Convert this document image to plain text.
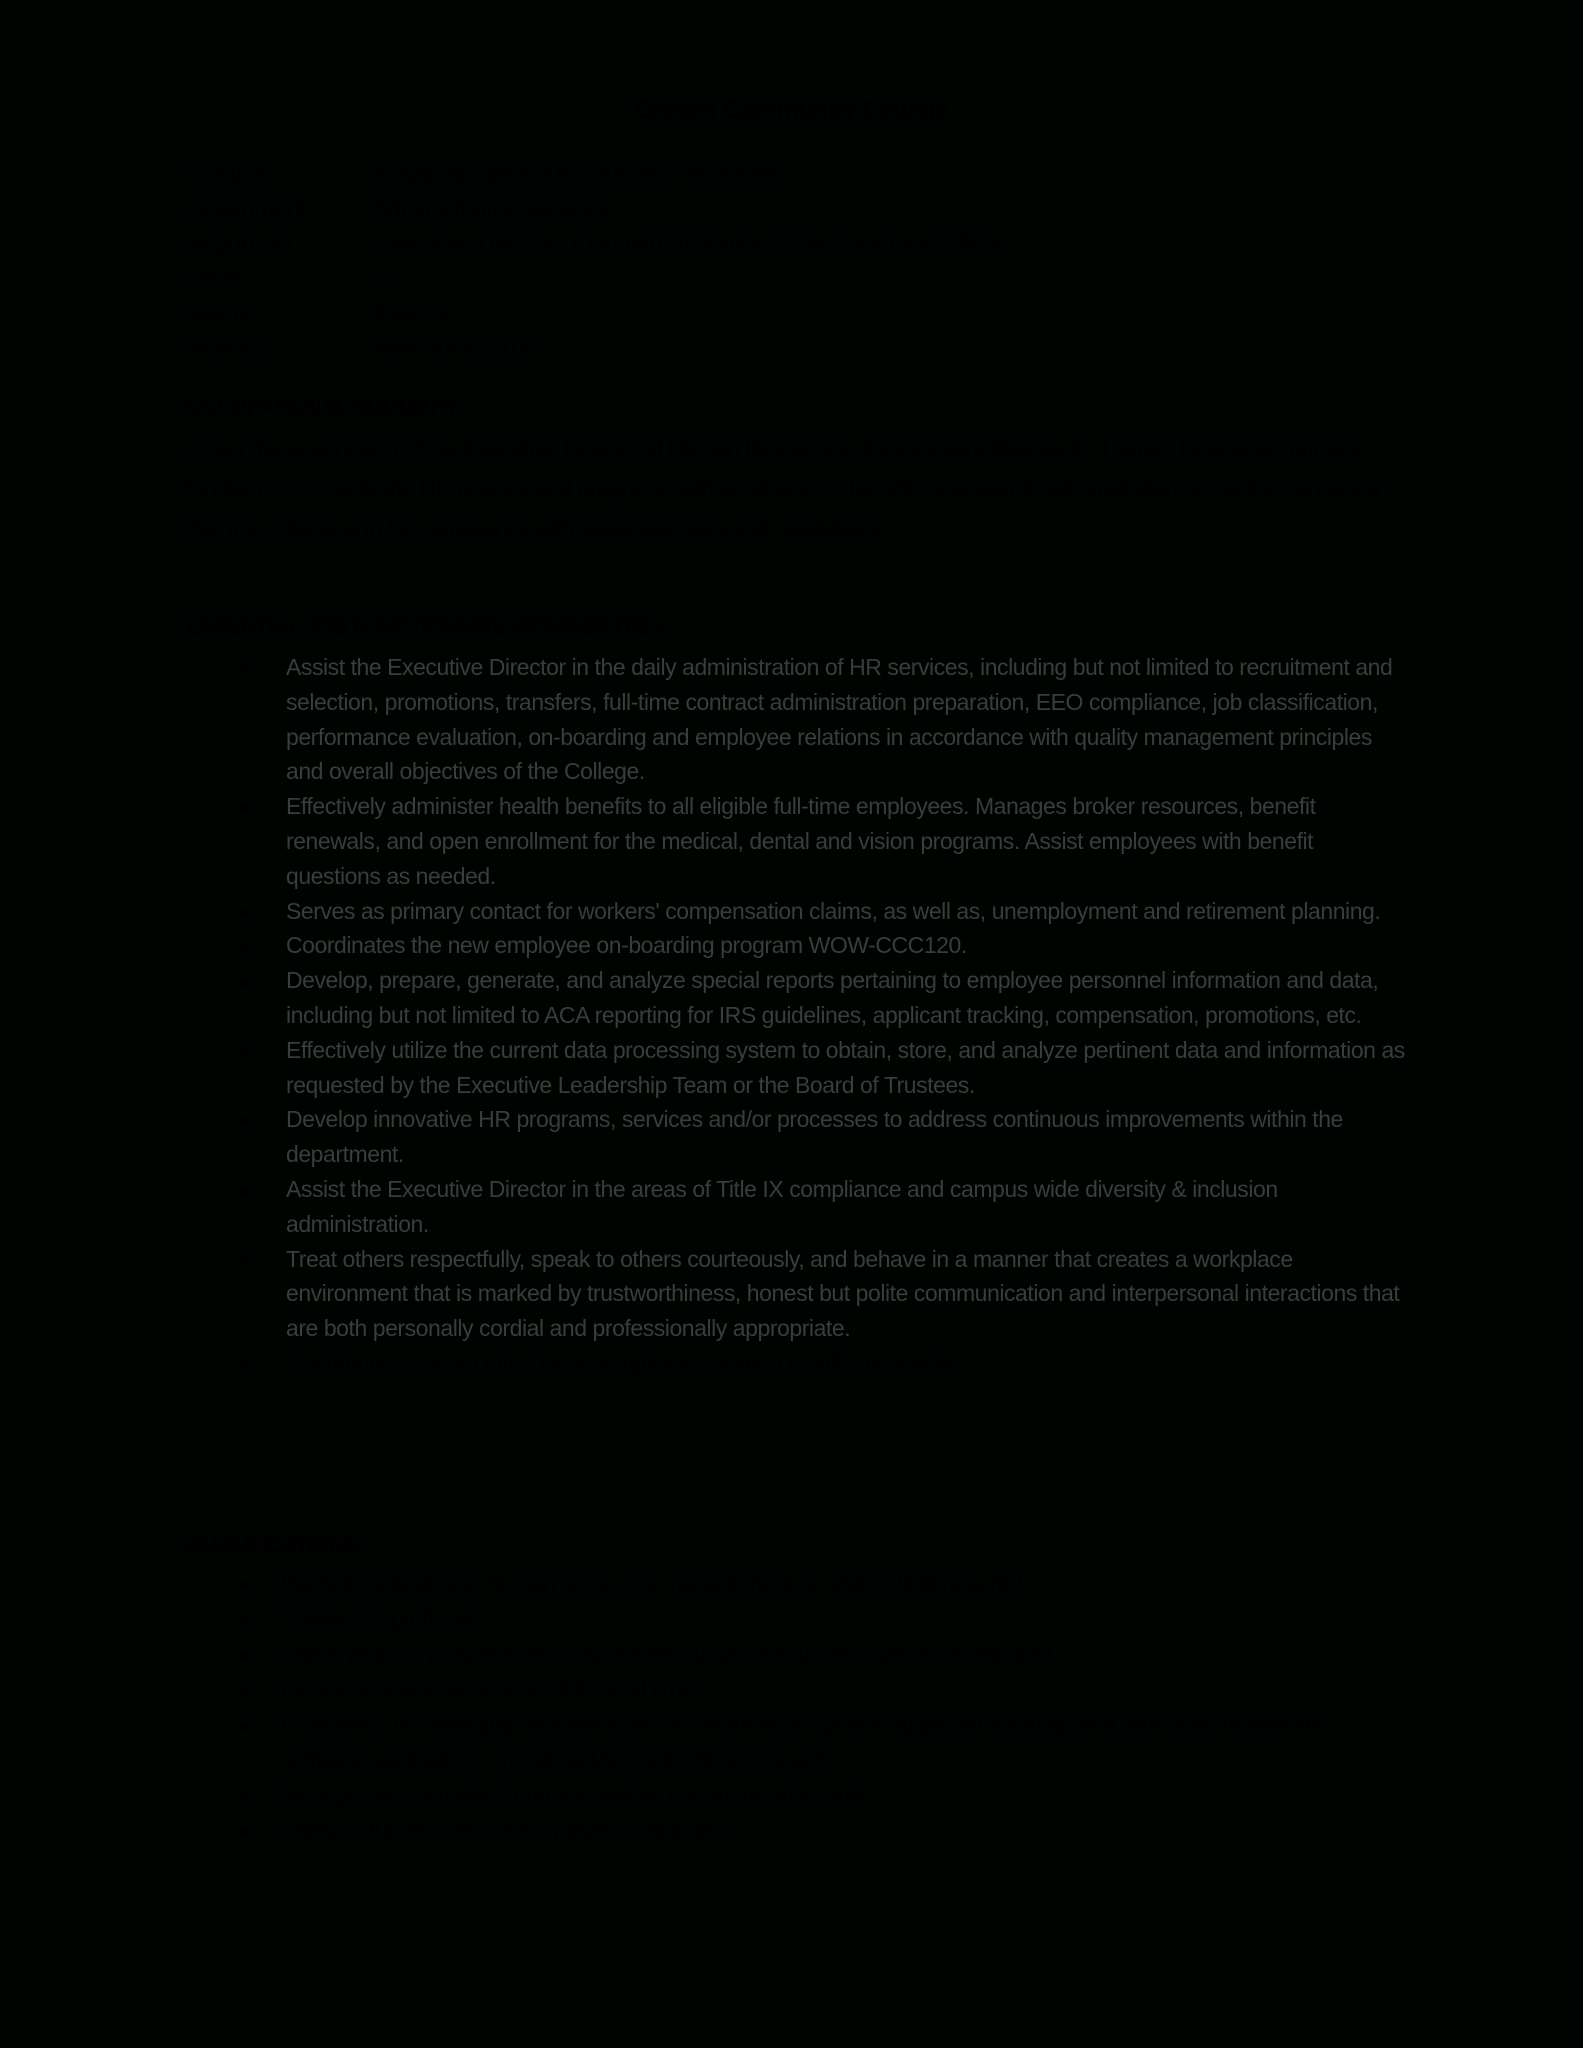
Craven Community College
Position:	Assistant Director for Human Resources
Department:	Administrative Services
Reports to:	Executive Director of Human Resources/Chief Diversity Officer
Level:	75
Status:	Exempt
Revised:	New June 2016
OCCUPATIONAL SUMMARY
Under the supervision of the Executive Director of Human Resources, the Assistant Director for Human Resources primary function is to coordinate HR policies and programs with emphasis on benefits and payroll administration, as well as, ensuring that the College is in full compliance with applicable laws and regulations.
ESSENTIAL JOB FUNCTIONS/RESPONSIBILITIES
Assist the Executive Director in the daily administration of HR services, including but not limited to recruitment and selection, promotions, transfers, full-time contract administration preparation, EEO compliance, job classification, performance evaluation, on-boarding and employee relations in accordance with quality management principles and overall objectives of the College.
Effectively administer health benefits to all eligible full-time employees. Manages broker resources, benefit renewals, and open enrollment for the medical, dental and vision programs. Assist employees with benefit questions as needed.
Serves as primary contact for workers' compensation claims, as well as, unemployment and retirement planning.
Coordinates the new employee on-boarding program WOW-CCC120.
Develop, prepare, generate, and analyze special reports pertaining to employee personnel information and data, including but not limited to ACA reporting for IRS guidelines, applicant tracking, compensation, promotions, etc.
Effectively utilize the current data processing system to obtain, store, and analyze pertinent data and information as requested by the Executive Leadership Team or the Board of Trustees.
Develop innovative HR programs, services and/or processes to address continuous improvements within the department.
Assist the Executive Director in the areas of Title IX compliance and campus wide diversity & inclusion administration.
Treat others respectfully, speak to others courteously, and behave in a manner that creates a workplace environment that is marked by trustworthiness, honest but polite communication and interpersonal interactions that are both personally cordial and professionally appropriate.
Contributes to team effort by accomplishing related results as needed.
QUALIFICATIONS
Bachelor’s degree in human resources management or related field required.
SHRM-CP preferred.
Three years of progressively responsible human resources experience required.
Excellent customer service skills at all times.
Proficiency in managing data within an HR information system (applicant tracking) and with other related HR software applications, including Microsoft Office products.
Must possess excellent oral and written communication skills.
Ability to function as a team player at all times.
